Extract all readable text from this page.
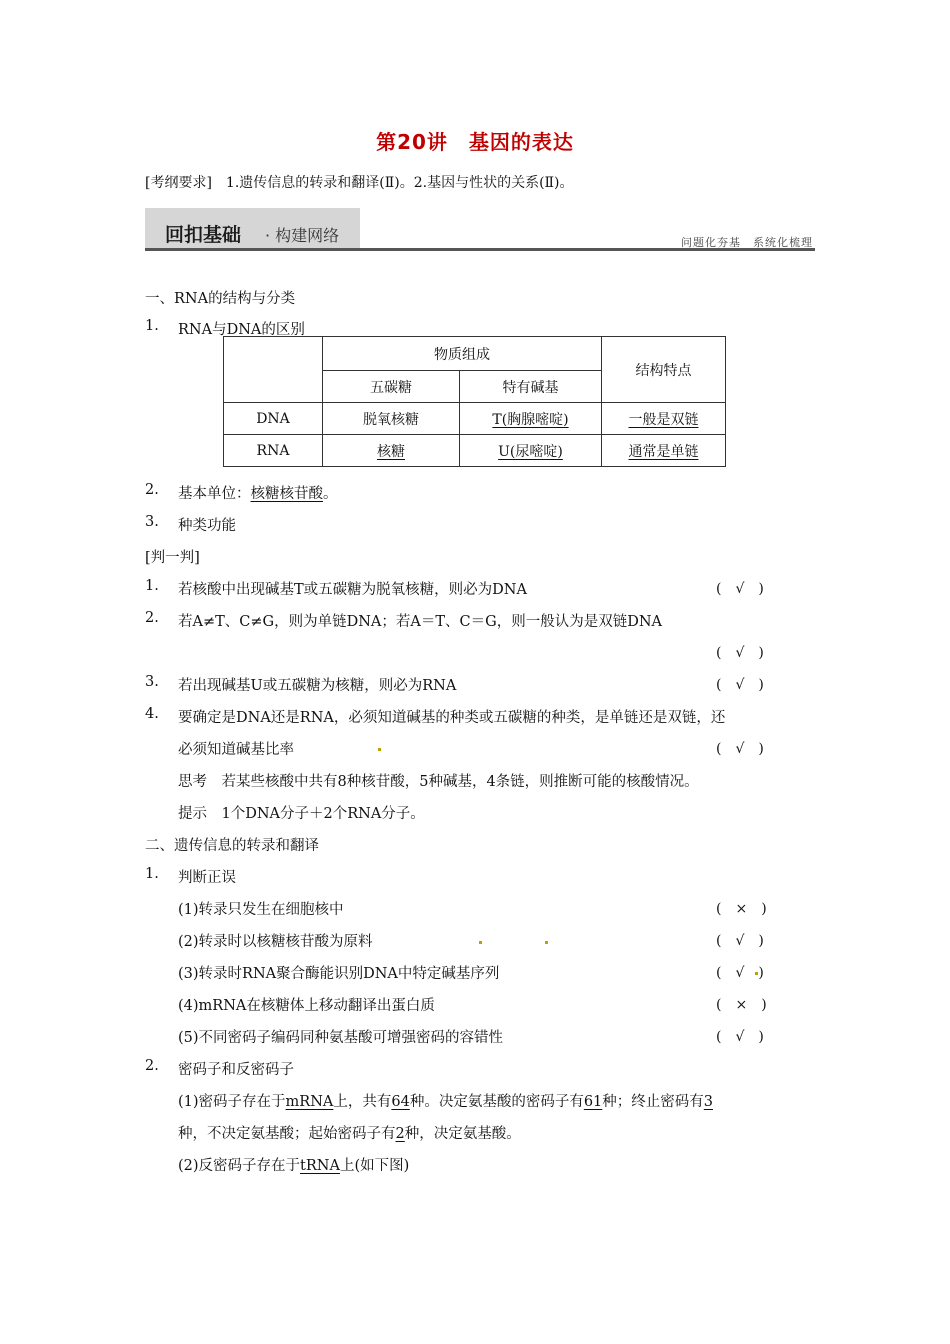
第20讲　基因的表达
[考纲要求]　1.遗传信息的转录和翻译(Ⅱ)。2.基因与性状的关系(Ⅱ)。
回扣基础 · 构建网络	问题化夯基　系统化梳理
一、RNA的结构与分类
1. RNA与DNA的区别
	物质组成		结构特点
	五碳糖	特有碱基	
DNA	脱氧核糖	T(胸腺嘧啶)	一般是双链
RNA	核糖	U(尿嘧啶)	通常是单链
2. 基本单位：核糖核苷酸。
3. 种类功能
[判一判]
1. 若核酸中出现碱基T或五碳糖为脱氧核糖，则必为DNA	(　√　)
2. 若A≠T、C≠G，则为单链DNA；若A＝T、C＝G，则一般认为是双链DNA
(　√　)
3. 若出现碱基U或五碳糖为核糖，则必为RNA	(　√　)
4. 要确定是DNA还是RNA，必须知道碱基的种类或五碳糖的种类，是单链还是双链，还
必须知道碱基比率	(　√　)
思考　若某些核酸中共有8种核苷酸，5种碱基，4条链，则推断可能的核酸情况。
提示　1个DNA分子＋2个RNA分子。
二、遗传信息的转录和翻译
1. 判断正误
(1)转录只发生在细胞核中	(　×　)
(2)转录时以核糖核苷酸为原料	(　√　)
(3)转录时RNA聚合酶能识别DNA中特定碱基序列	(　√　)
(4)mRNA在核糖体上移动翻译出蛋白质	(　×　)
(5)不同密码子编码同种氨基酸可增强密码的容错性	(　√　)
2. 密码子和反密码子
(1)密码子存在于mRNA上，共有64种。决定氨基酸的密码子有61种；终止密码有3
种，不决定氨基酸；起始密码子有2种，决定氨基酸。
(2)反密码子存在于tRNA上(如下图)
